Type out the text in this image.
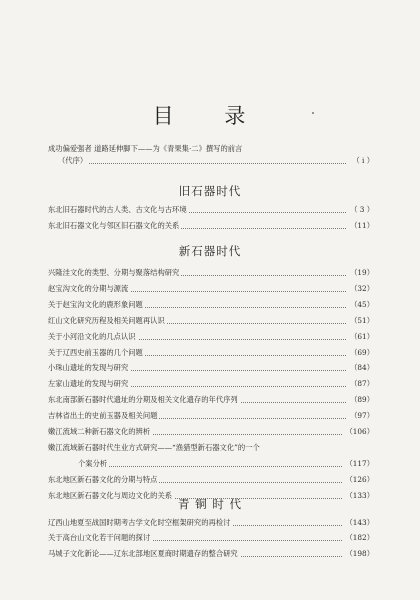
目 录
成功偏爱强者 道路延伸脚下——为《青果集·二》撰写的前言
（代序）	（ i ）
旧石器时代
东北旧石器时代的古人类、古文化与古环境	（ 3 ）
东北旧石器文化与邻区旧石器文化的关系	（11）
新石器时代
兴隆洼文化的类型、分期与聚落结构研究	（19）
赵宝沟文化的分期与源流	（32）
关于赵宝沟文化的鹿形象问题	（45）
红山文化研究历程及相关问题再认识	（51）
关于小河沿文化的几点认识	（61）
关于辽西史前玉器的几个问题	（69）
小珠山遗址的发现与研究	（84）
左家山遗址的发现与研究	（87）
东北南部新石器时代遗址的分期及相关文化遗存的年代序列	（89）
吉林省出土的史前玉器及相关问题	（97）
嫩江流域二种新石器文化的辨析	（106）
嫩江流域新石器时代生业方式研究——“渔猎型新石器文化”的一个
个案分析	（117）
东北地区新石器文化的分期与特点	（126）
东北地区新石器文化与周边文化的关系	（133）
青 铜 时 代
辽西山地夏至战国时期考古学文化时空框架研究的再检讨	（143）
关于高台山文化若干问题的探讨	（182）
马城子文化新论——辽东北部地区夏商时期遗存的整合研究	（198）
